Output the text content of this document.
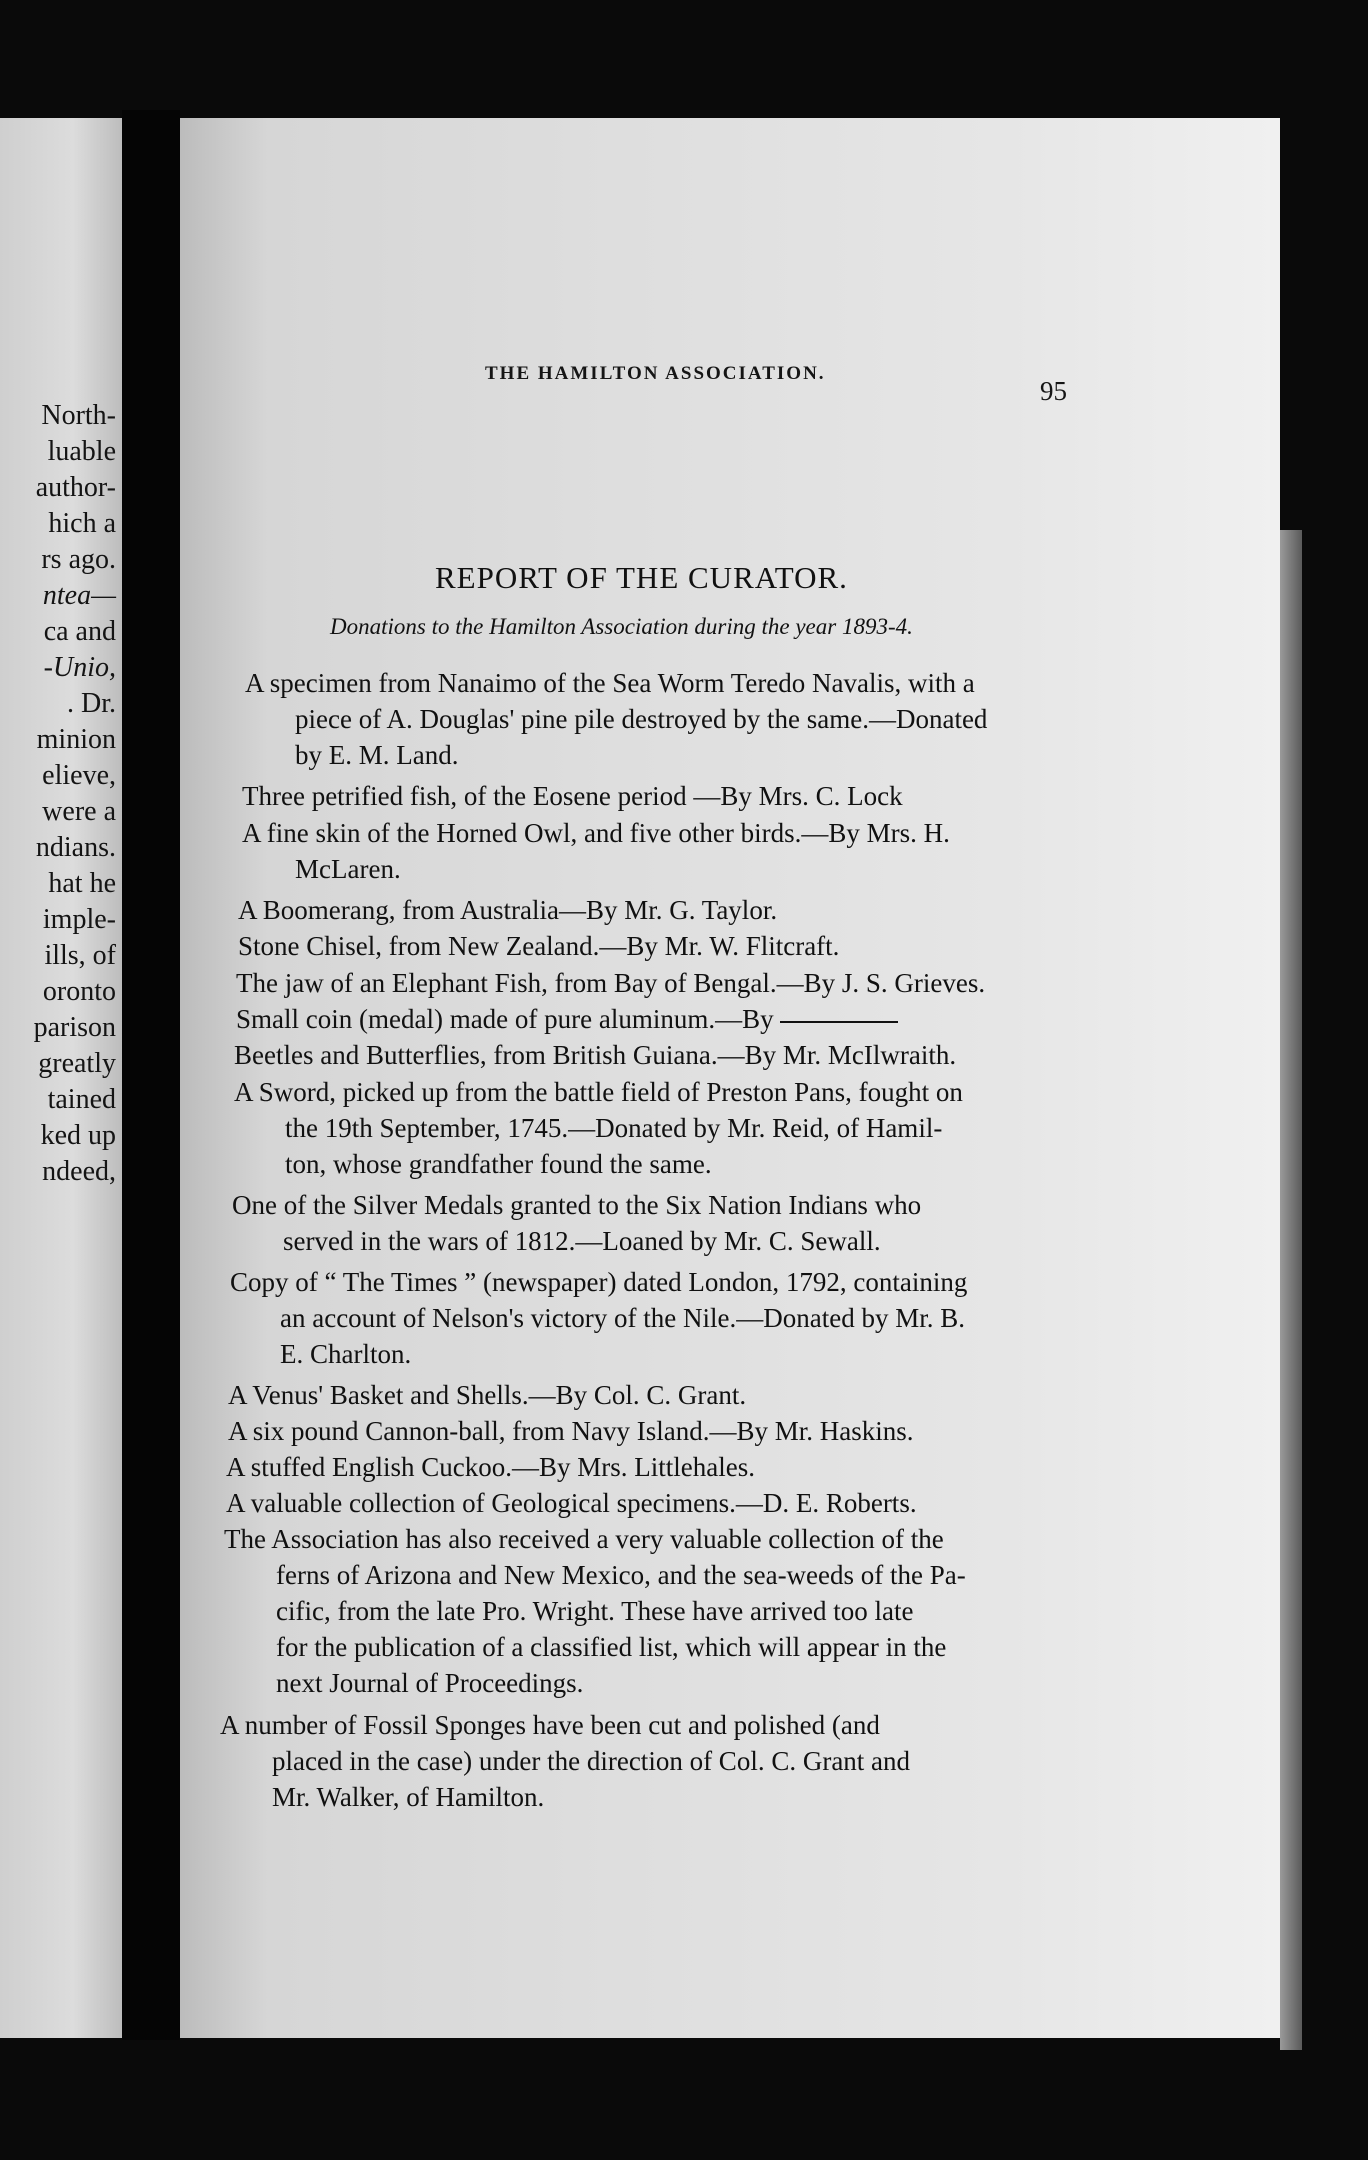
North-
luable
author-
hich a
rs ago.
ntea—
ca and
-Unio,
. Dr.
minion
elieve,
were a
ndians.
hat he
imple-
ills, of
oronto
parison
greatly
tained
ked up
ndeed,
THE HAMILTON ASSOCIATION.
95
REPORT OF THE CURATOR.
Donations to the Hamilton Association during the year 1893-4.
A specimen from Nanaimo of the Sea Worm Teredo Navalis, with a
piece of A. Douglas' pine pile destroyed by the same.—Donated
by E. M. Land.
Three petrified fish, of the Eosene period —By Mrs. C. Lock
A fine skin of the Horned Owl, and five other birds.—By Mrs. H.
McLaren.
A Boomerang, from Australia—By Mr. G. Taylor.
Stone Chisel, from New Zealand.—By Mr. W. Flitcraft.
The jaw of an Elephant Fish, from Bay of Bengal.—By J. S. Grieves.
Small coin (medal) made of pure aluminum.—By
Beetles and Butterflies, from British Guiana.—By Mr. McIlwraith.
A Sword, picked up from the battle field of Preston Pans, fought on
the 19th September, 1745.—Donated by Mr. Reid, of Hamil-
ton, whose grandfather found the same.
One of the Silver Medals granted to the Six Nation Indians who
served in the wars of 1812.—Loaned by Mr. C. Sewall.
Copy of “ The Times ” (newspaper) dated London, 1792, containing
an account of Nelson's victory of the Nile.—Donated by Mr. B.
E. Charlton.
A Venus' Basket and Shells.—By Col. C. Grant.
A six pound Cannon-ball, from Navy Island.—By Mr. Haskins.
A stuffed English Cuckoo.—By Mrs. Littlehales.
A valuable collection of Geological specimens.—D. E. Roberts.
The Association has also received a very valuable collection of the
ferns of Arizona and New Mexico, and the sea-weeds of the Pa-
cific, from the late Pro. Wright. These have arrived too late
for the publication of a classified list, which will appear in the
next Journal of Proceedings.
A number of Fossil Sponges have been cut and polished (and
placed in the case) under the direction of Col. C. Grant and
Mr. Walker, of Hamilton.
